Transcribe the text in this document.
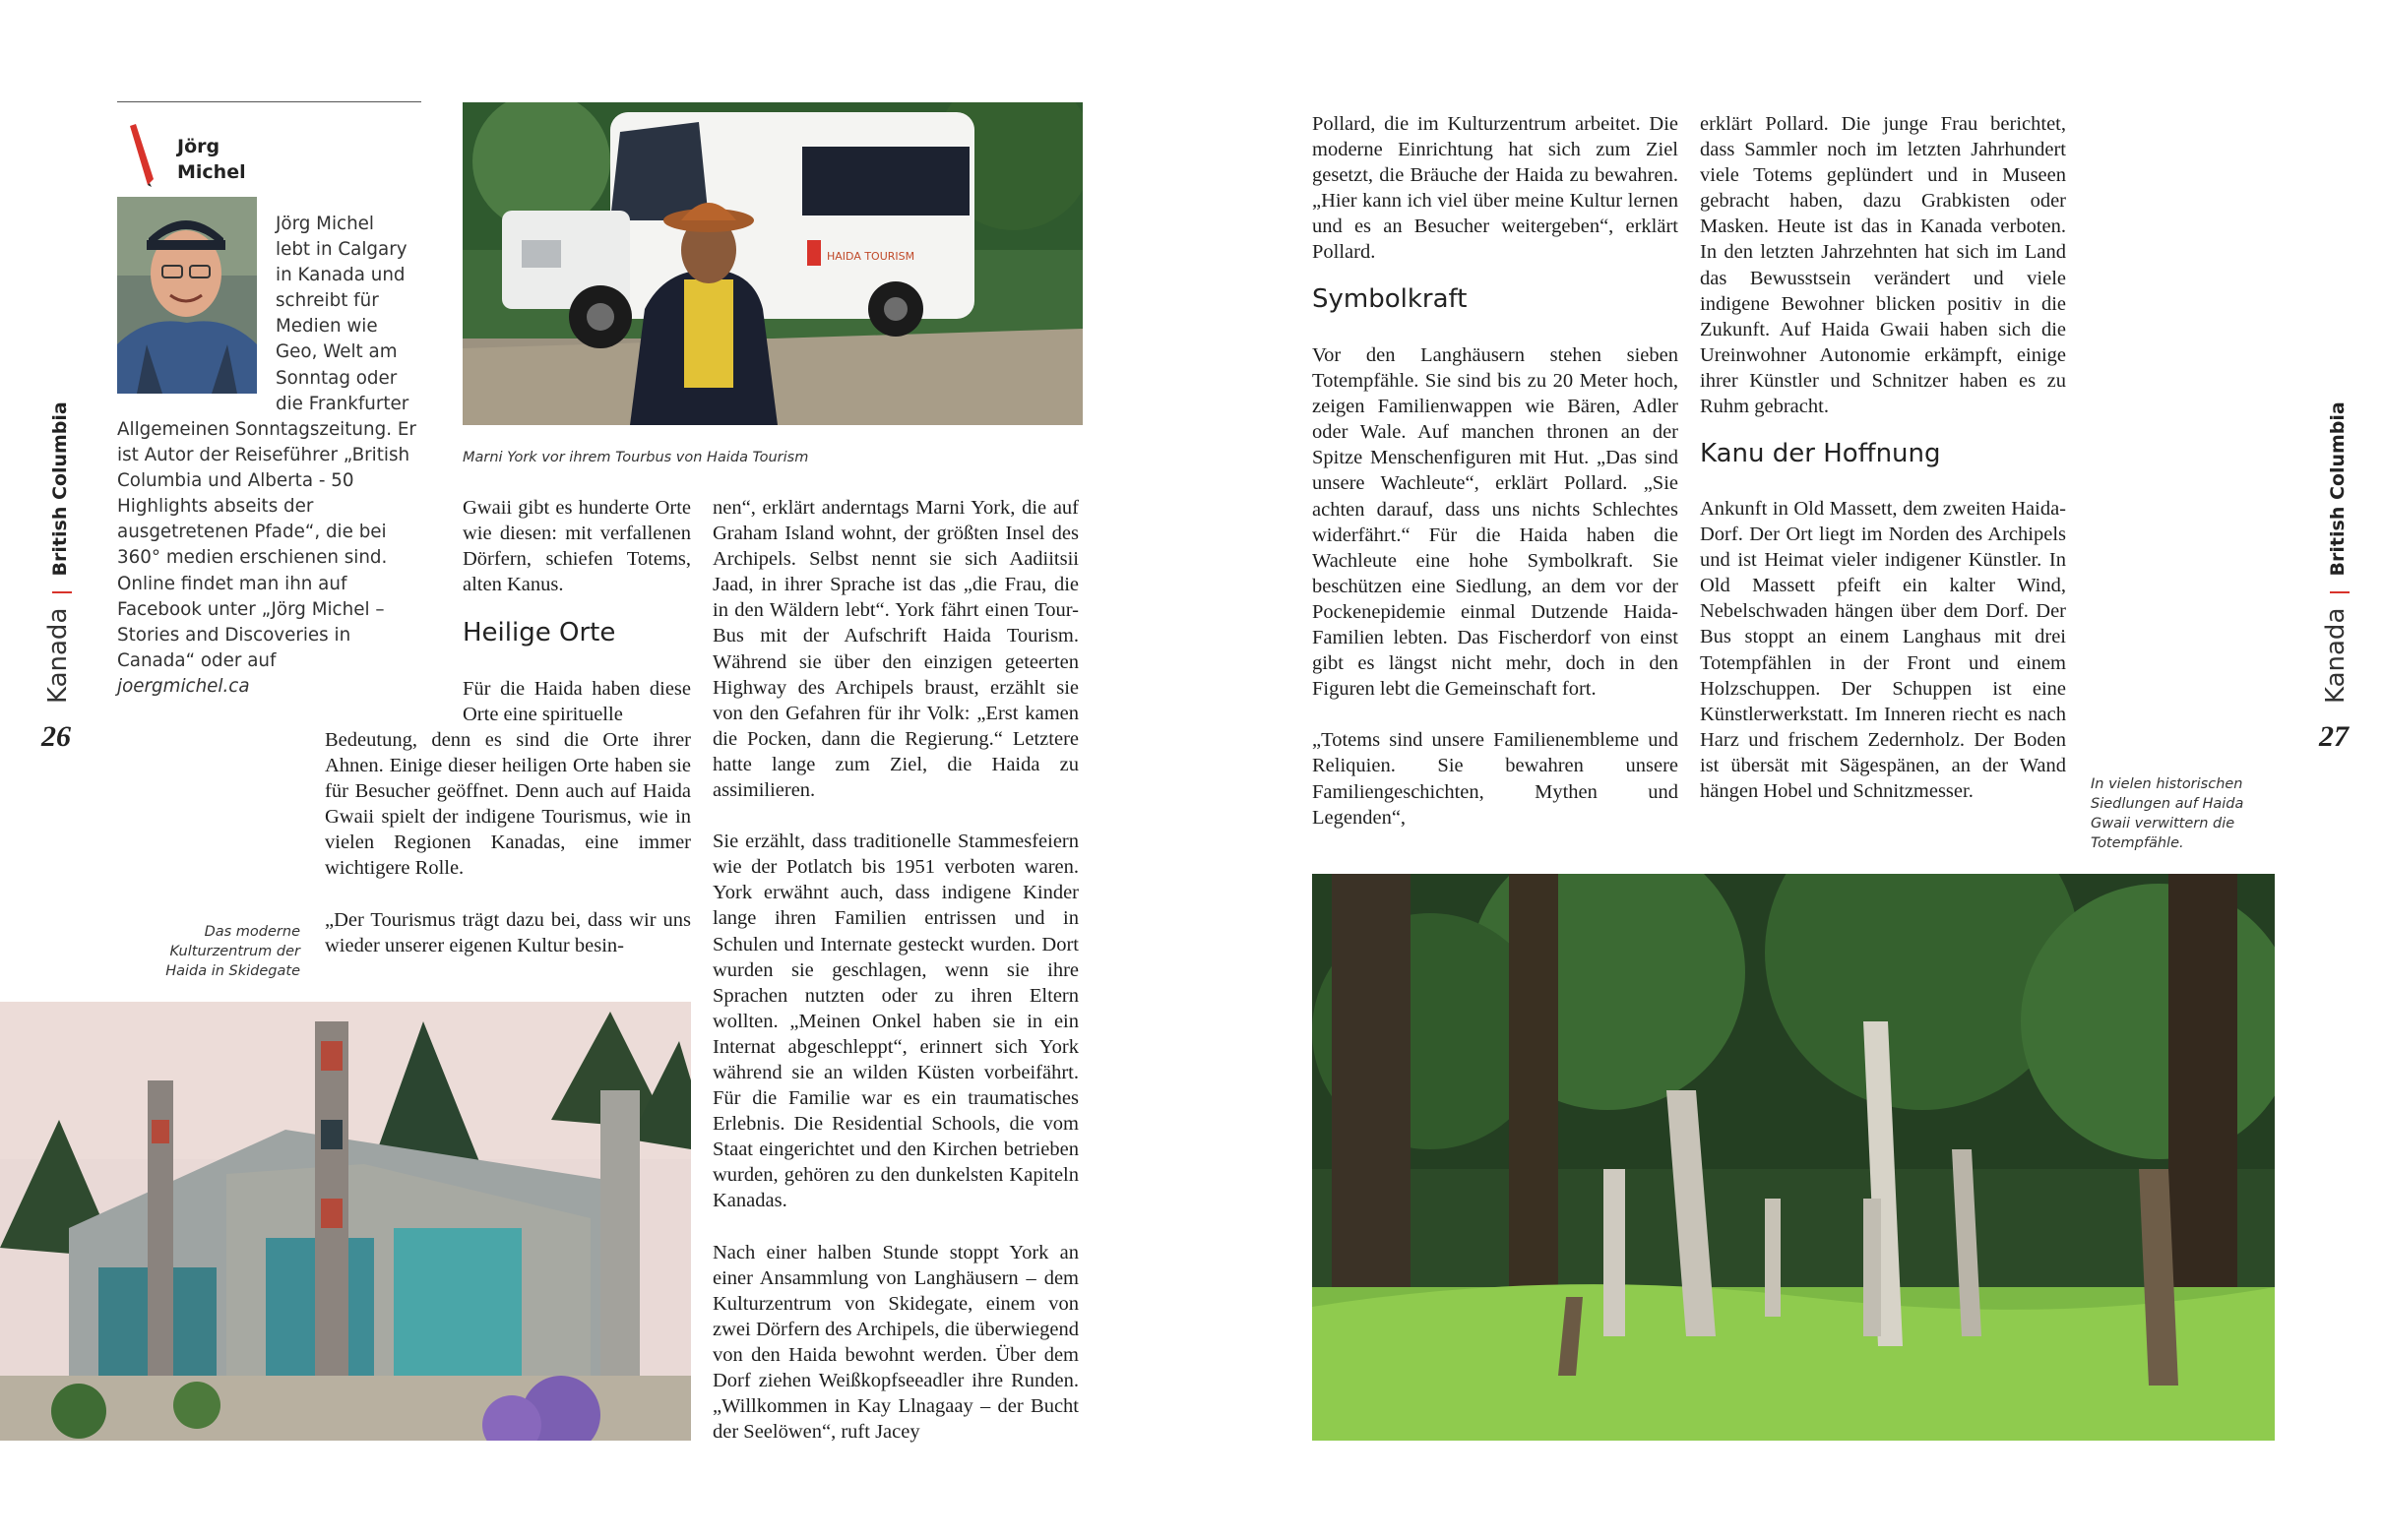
Kanada  British Columbia
26
Jörg
Michel
Jörg Michel
lebt in Calgary
in Kanada und
schreibt für
Medien wie
Geo, Welt am
Sonntag oder
die Frankfurter
Allgemeinen Sonntagszeitung. Er ist Autor der Reiseführer „British Columbia und Alberta - 50 Highlights abseits der ausgetretenen Pfade“, die bei 360° medien erschienen sind. Online findet man ihn auf Facebook unter „Jörg Michel – Stories and Discoveries in Canada“ oder auf
joergmichel.ca
HAIDA TOURISM
Marni York vor ihrem Tourbus von Haida Tourism

Gwaii gibt es hunderte Orte wie diesen: mit verfallenen Dörfern, schiefen Totems, alten Kanus.

Heilige Orte

Für die Haida haben diese Orte eine spirituelle

Bedeutung, denn es sind die Orte ihrer Ahnen. Einige dieser heiligen Orte haben sie für Besucher geöffnet. Denn auch auf Haida Gwaii spielt der indigene Tourismus, wie in vielen Regionen Kanadas, eine immer wichtigere Rolle.

„Der Tourismus trägt dazu bei, dass wir uns wieder unserer eigenen Kultur besin-

Das moderne Kulturzentrum der Haida in Skidegate

nen“, erklärt anderntags Marni York, die auf Graham Island wohnt, der größten Insel des Archipels. Selbst nennt sie sich Aadiitsii Jaad, in ihrer Sprache ist das „die Frau, die in den Wäldern lebt“. York fährt einen Tour-Bus mit der Aufschrift Haida Tourism. Während sie über den einzigen geteerten Highway des Archipels braust, erzählt sie von den Gefahren für ihr Volk: „Erst kamen die Pocken, dann die Regierung.“ Letztere hatte lange zum Ziel, die Haida zu assimilieren.

Sie erzählt, dass traditionelle Stammesfeiern wie der Potlatch bis 1951 verboten waren. York erwähnt auch, dass indigene Kinder lange ihren Familien entrissen und in Schulen und Internate gesteckt wurden. Dort wurden sie geschlagen, wenn sie ihre Sprachen nutzten oder zu ihren Eltern wollten. „Meinen Onkel haben sie in ein Internat abgeschleppt“, erinnert sich York während sie an wilden Küsten vorbeifährt. Für die Familie war es ein traumatisches Erlebnis. Die Residential Schools, die vom Staat eingerichtet und den Kirchen betrieben wurden, gehören zu den dunkelsten Kapiteln Kanadas.

Nach einer halben Stunde stoppt York an einer Ansammlung von Langhäusern – dem Kulturzentrum von Skidegate, einem von zwei Dörfern des Archipels, die überwiegend von den Haida bewohnt werden. Über dem Dorf ziehen Weißkopfseeadler ihre Runden. „Willkommen in Kay Llnagaay – der Bucht der Seelöwen“, ruft Jacey

Pollard, die im Kulturzentrum arbeitet. Die moderne Einrichtung hat sich zum Ziel gesetzt, die Bräuche der Haida zu bewahren. „Hier kann ich viel über meine Kultur lernen und es an Besucher weitergeben“, erklärt Pollard.

Symbolkraft

Vor den Langhäusern stehen sieben Totempfähle. Sie sind bis zu 20 Meter hoch, zeigen Familienwappen wie Bären, Adler oder Wale. Auf manchen thronen an der Spitze Menschenfiguren mit Hut. „Das sind unsere Wachleute“, erklärt Pollard. „Sie achten darauf, dass uns nichts Schlechtes widerfährt.“ Für die Haida haben die Wachleute eine hohe Symbolkraft. Sie beschützen eine Siedlung, an dem vor der Pockenepidemie einmal Dutzende Haida-Familien lebten. Das Fischerdorf von einst gibt es längst nicht mehr, doch in den Figuren lebt die Gemeinschaft fort.

„Totems sind unsere Familienembleme und Reliquien. Sie bewahren unsere Familiengeschichten, Mythen und Legenden“,

erklärt Pollard. Die junge Frau berichtet, dass Sammler noch im letzten Jahrhundert viele Totems geplündert und in Museen gebracht haben, dazu Grabkisten oder Masken. Heute ist das in Kanada verboten. In den letzten Jahrzehnten hat sich im Land das Bewusstsein verändert und viele indigene Bewohner blicken positiv in die Zukunft. Auf Haida Gwaii haben sich die Ureinwohner Autonomie erkämpft, einige ihrer Künstler und Schnitzer haben es zu Ruhm gebracht.

Kanu der Hoffnung

Ankunft in Old Massett, dem zweiten Haida-Dorf. Der Ort liegt im Norden des Archipels und ist Heimat vieler indigener Künstler. In Old Massett pfeift ein kalter Wind, Nebelschwaden hängen über dem Dorf. Der Bus stoppt an einem Langhaus mit drei Totempfählen in der Front und einem Holzschuppen. Der Schuppen ist eine Künstlerwerkstatt. Im Inneren riecht es nach Harz und frischem Zedernholz. Der Boden ist übersät mit Sägespänen, an der Wand hängen Hobel und Schnitzmesser.	In vielen historischen Siedlungen auf Haida Gwaii verwittern die Totempfähle.
Kanada  British Columbia
27
